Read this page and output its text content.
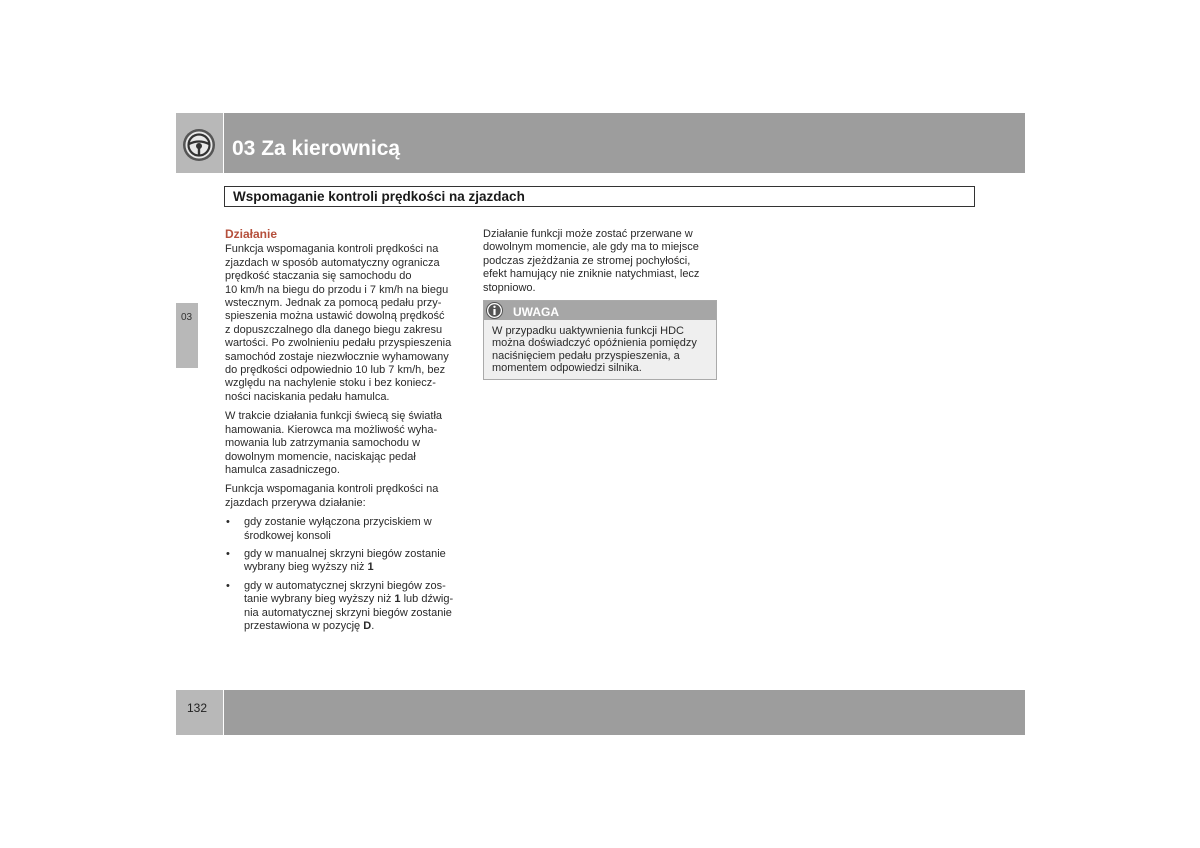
03 Za kierownicą
Wspomaganie kontroli prędkości na zjazdach
03
Działanie
Funkcja wspomagania kontroli prędkości na
zjazdach w sposób automatyczny ogranicza
prędkość staczania się samochodu do
10 km/h na biegu do przodu i 7 km/h na biegu
wstecznym. Jednak za pomocą pedału przy-
spieszenia można ustawić dowolną prędkość
z dopuszczalnego dla danego biegu zakresu
wartości. Po zwolnieniu pedału przyspieszenia
samochód zostaje niezwłocznie wyhamowany
do prędkości odpowiednio 10 lub 7 km/h, bez
względu na nachylenie stoku i bez koniecz-
ności naciskania pedału hamulca.
W trakcie działania funkcji świecą się światła
hamowania. Kierowca ma możliwość wyha-
mowania lub zatrzymania samochodu w
dowolnym momencie, naciskając pedał
hamulca zasadniczego.
Funkcja wspomagania kontroli prędkości na
zjazdach przerywa działanie:
• gdy zostanie wyłączona przyciskiem w
środkowej konsoli
• gdy w manualnej skrzyni biegów zostanie
wybrany bieg wyższy niż 1
• gdy w automatycznej skrzyni biegów zos-
tanie wybrany bieg wyższy niż 1 lub dźwig-
nia automatycznej skrzyni biegów zostanie
przestawiona w pozycję D.
Działanie funkcji może zostać przerwane w
dowolnym momencie, ale gdy ma to miejsce
podczas zjeżdżania ze stromej pochyłości,
efekt hamujący nie zniknie natychmiast, lecz
stopniowo.
UWAGA
W przypadku uaktywnienia funkcji HDC
można doświadczyć opóźnienia pomiędzy
naciśnięciem pedału przyspieszenia, a
momentem odpowiedzi silnika.
132
